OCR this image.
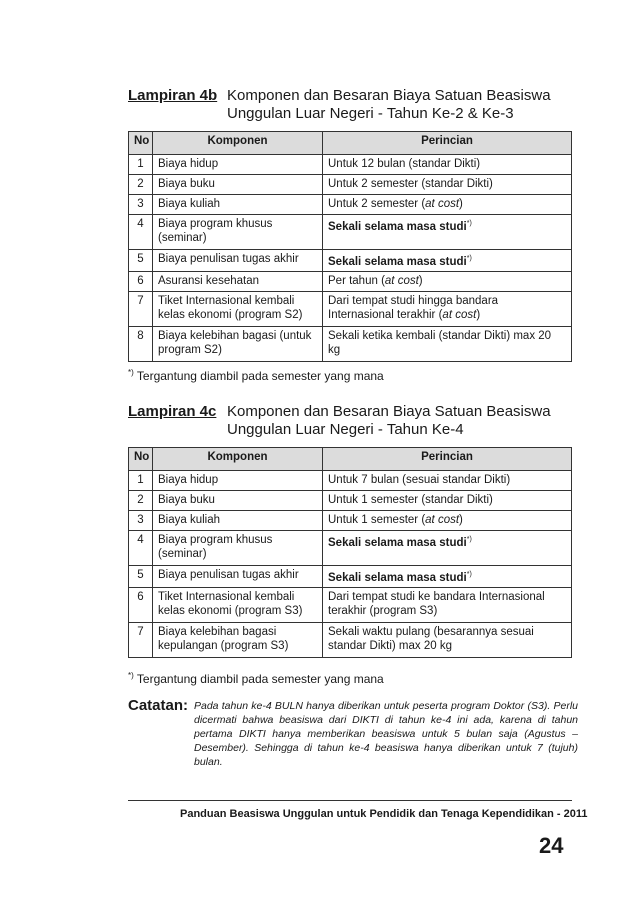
Lampiran 4b Komponen dan Besaran Biaya Satuan Beasiswa
Unggulan Luar Negeri - Tahun Ke-2 & Ke-3
No	Komponen	Perincian
1	Biaya hidup	Untuk 12 bulan (standar Dikti)
2	Biaya buku	Untuk 2 semester (standar Dikti)
3	Biaya kuliah	Untuk 2 semester (at cost)
4	Biaya program khusus (seminar)	Sekali selama masa studi*)
5	Biaya penulisan tugas akhir	Sekali selama masa studi*)
6	Asuransi kesehatan	Per tahun (at cost)
7	Tiket Internasional kembali kelas ekonomi (program S2)	Dari tempat studi hingga bandara Internasional terakhir (at cost)
8	Biaya kelebihan bagasi (untuk program S2)	Sekali ketika kembali (standar Dikti) max 20 kg
*) Tergantung diambil pada semester yang mana
Lampiran 4c Komponen dan Besaran Biaya Satuan Beasiswa
Unggulan Luar Negeri - Tahun Ke-4
No	Komponen	Perincian
1	Biaya hidup	Untuk 7 bulan (sesuai standar Dikti)
2	Biaya buku	Untuk 1 semester (standar Dikti)
3	Biaya kuliah	Untuk 1 semester (at cost)
4	Biaya program khusus (seminar)	Sekali selama masa studi*)
5	Biaya penulisan tugas akhir	Sekali selama masa studi*)
6	Tiket Internasional kembali kelas ekonomi (program S3)	Dari tempat studi ke bandara Internasional terakhir (program S3)
7	Biaya kelebihan bagasi kepulangan (program S3)	Sekali waktu pulang (besarannya sesuai standar Dikti) max 20 kg
*) Tergantung diambil pada semester yang mana
Catatan: Pada tahun ke-4 BULN hanya diberikan untuk peserta program Doktor (S3). Perlu dicermati bahwa beasiswa dari DIKTI di tahun ke-4 ini ada, karena di tahun pertama DIKTI hanya memberikan beasiswa untuk 5 bulan saja (Agustus – Desember). Sehingga di tahun ke-4 beasiswa hanya diberikan untuk 7 (tujuh) bulan.
Panduan Beasiswa Unggulan untuk Pendidik dan Tenaga Kependidikan - 2011
24
